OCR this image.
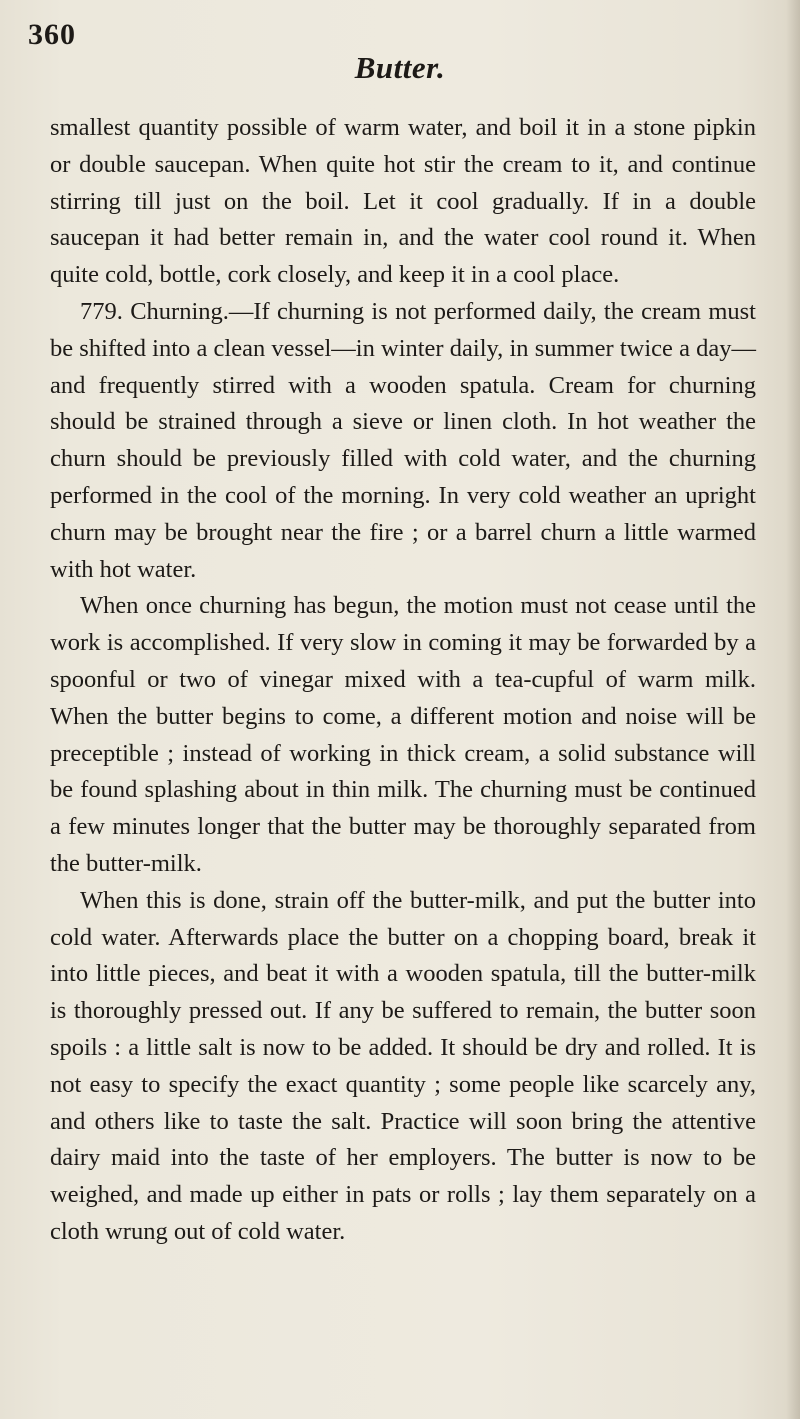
360
Butter.

smallest quantity possible of warm water, and boil it in a stone pipkin or double saucepan. When quite hot stir the cream to it, and continue stirring till just on the boil. Let it cool gradually. If in a double saucepan it had better remain in, and the water cool round it. When quite cold, bottle, cork closely, and keep it in a cool place.

779. Churning.—If churning is not performed daily, the cream must be shifted into a clean vessel—in winter daily, in summer twice a day—and frequently stirred with a wooden spatula. Cream for churning should be strained through a sieve or linen cloth. In hot weather the churn should be previously filled with cold water, and the churning performed in the cool of the morning. In very cold weather an upright churn may be brought near the fire ; or a barrel churn a little warmed with hot water.

When once churning has begun, the motion must not cease until the work is accomplished. If very slow in coming it may be forwarded by a spoonful or two of vinegar mixed with a tea-cupful of warm milk. When the butter begins to come, a different motion and noise will be preceptible ; instead of working in thick cream, a solid substance will be found splashing about in thin milk. The churning must be continued a few minutes longer that the butter may be thoroughly separated from the butter-milk.

When this is done, strain off the butter-milk, and put the butter into cold water. Afterwards place the butter on a chopping board, break it into little pieces, and beat it with a wooden spatula, till the butter-milk is thoroughly pressed out. If any be suffered to remain, the butter soon spoils : a little salt is now to be added. It should be dry and rolled. It is not easy to specify the exact quantity ; some people like scarcely any, and others like to taste the salt. Practice will soon bring the attentive dairy maid into the taste of her employers. The butter is now to be weighed, and made up either in pats or rolls ; lay them separately on a cloth wrung out of cold water.
